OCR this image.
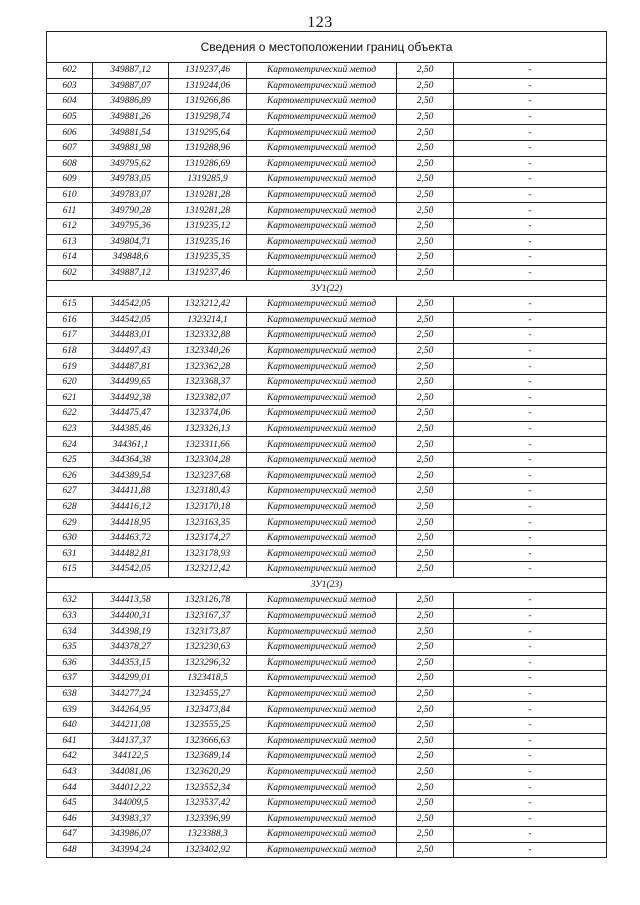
123
Сведения о местоположении границ объекта					
602	349887,12	1319237,46	Картометрический метод	2,50	-
603	349887,07	1319244,06	Картометрический метод	2,50	-
604	349886,89	1319266,86	Картометрический метод	2,50	-
605	349881,26	1319298,74	Картометрический метод	2,50	-
606	349881,54	1319295,64	Картометрический метод	2,50	-
607	349881,98	1319288,96	Картометрический метод	2,50	-
608	349795,62	1319286,69	Картометрический метод	2,50	-
609	349783,05	1319285,9	Картометрический метод	2,50	-
610	349783,07	1319281,28	Картометрический метод	2,50	-
611	349790,28	1319281,28	Картометрический метод	2,50	-
612	349795,36	1319235,12	Картометрический метод	2,50	-
613	349804,71	1319235,16	Картометрический метод	2,50	-
614	349848,6	1319235,35	Картометрический метод	2,50	-
602	349887,12	1319237,46	Картометрический метод	2,50	-
ЗУ1(22)					
615	344542,05	1323212,42	Картометрический метод	2,50	-
616	344542,05	1323214,1	Картометрический метод	2,50	-
617	344483,01	1323332,88	Картометрический метод	2,50	-
618	344497,43	1323340,26	Картометрический метод	2,50	-
619	344487,81	1323362,28	Картометрический метод	2,50	-
620	344499,65	1323368,37	Картометрический метод	2,50	-
621	344492,38	1323382,07	Картометрический метод	2,50	-
622	344475,47	1323374,06	Картометрический метод	2,50	-
623	344385,46	1323326,13	Картометрический метод	2,50	-
624	344361,1	1323311,66	Картометрический метод	2,50	-
625	344364,38	1323304,28	Картометрический метод	2,50	-
626	344389,54	1323237,68	Картометрический метод	2,50	-
627	344411,88	1323180,43	Картометрический метод	2,50	-
628	344416,12	1323170,18	Картометрический метод	2,50	-
629	344418,95	1323163,35	Картометрический метод	2,50	-
630	344463,72	1323174,27	Картометрический метод	2,50	-
631	344482,81	1323178,93	Картометрический метод	2,50	-
615	344542,05	1323212,42	Картометрический метод	2,50	-
ЗУ1(23)					
632	344413,58	1323126,78	Картометрический метод	2,50	-
633	344400,31	1323167,37	Картометрический метод	2,50	-
634	344398,19	1323173,87	Картометрический метод	2,50	-
635	344378,27	1323230,63	Картометрический метод	2,50	-
636	344353,15	1323296,32	Картометрический метод	2,50	-
637	344299,01	1323418,5	Картометрический метод	2,50	-
638	344277,24	1323455,27	Картометрический метод	2,50	-
639	344264,95	1323473,84	Картометрический метод	2,50	-
640	344211,08	1323555,25	Картометрический метод	2,50	-
641	344137,37	1323666,63	Картометрический метод	2,50	-
642	344122,5	1323689,14	Картометрический метод	2,50	-
643	344081,06	1323620,29	Картометрический метод	2,50	-
644	344012,22	1323552,34	Картометрический метод	2,50	-
645	344009,5	1323537,42	Картометрический метод	2,50	-
646	343983,37	1323396,99	Картометрический метод	2,50	-
647	343986,07	1323388,3	Картометрический метод	2,50	-
648	343994,24	1323402,92	Картометрический метод	2,50	-
